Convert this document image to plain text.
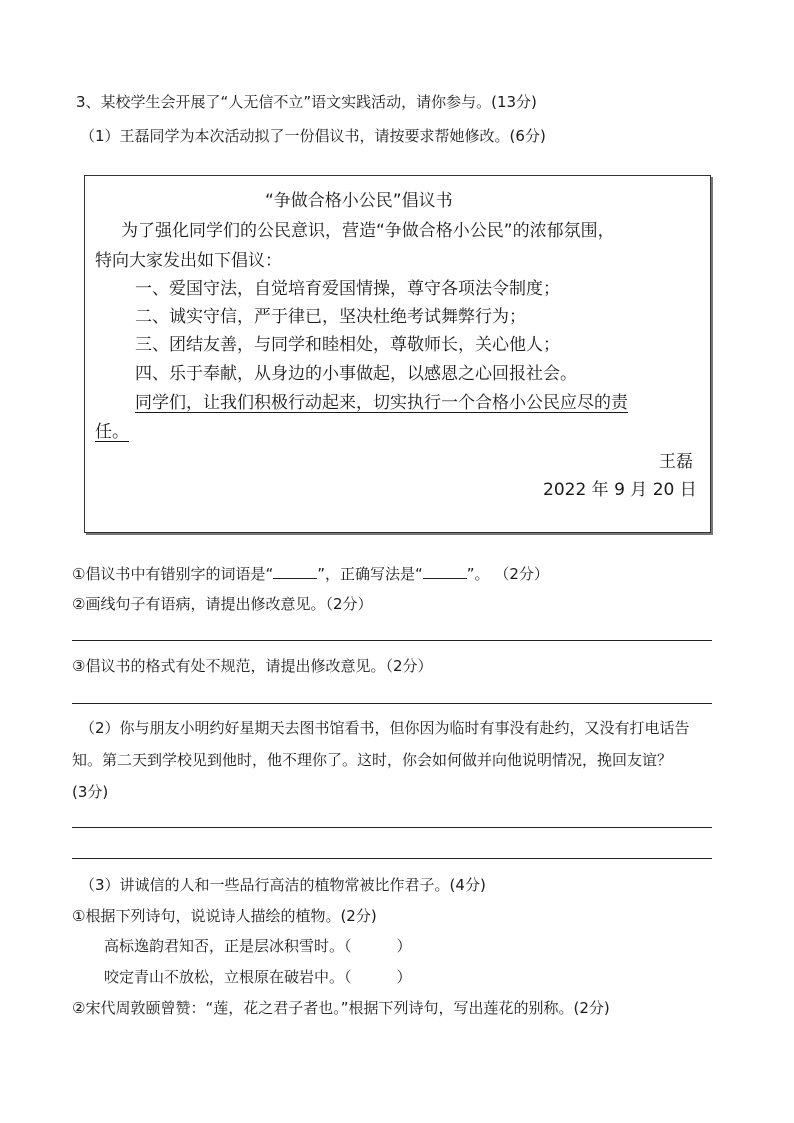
3、某校学生会开展了“人无信不立”语文实践活动，请你参与。(13分)
（1）王磊同学为本次活动拟了一份倡议书，请按要求帮她修改。(6分)
“争做合格小公民”倡议书
为了强化同学们的公民意识，营造“争做合格小公民”的浓郁氛围，
特向大家发出如下倡议：
一、爱国守法，自觉培育爱国情操，尊守各项法令制度；
二、诚实守信，严于律已，坚决杜绝考试舞弊行为；
三、团结友善，与同学和睦相处，尊敬师长，关心他人；
四、乐于奉献，从身边的小事做起，以感恩之心回报社会。
同学们，让我们积极行动起来，切实执行一个合格小公民应尽的责
任。
王磊
2022 年 9 月 20 日
①倡议书中有错别字的词语是“	”，正确写法是“	”。 （2分）
②画线句子有语病，请提出修改意见。（2分）
③倡议书的格式有处不规范，请提出修改意见。（2分）
（2）你与朋友小明约好星期天去图书馆看书，但你因为临时有事没有赴约，又没有打电话告
知。第二天到学校见到他时，他不理你了。这时，你会如何做并向他说明情况，挽回友谊？
(3分)
（3）讲诚信的人和一些品行高洁的植物常被比作君子。(4分)
①根据下列诗句，说说诗人描绘的植物。(2分)
高标逸韵君知否，正是层冰积雪时。（　　　）
咬定青山不放松，立根原在破岩中。（　　　）
②宋代周敦颐曾赞：“莲，花之君子者也。”根据下列诗句，写出莲花的别称。(2分)
